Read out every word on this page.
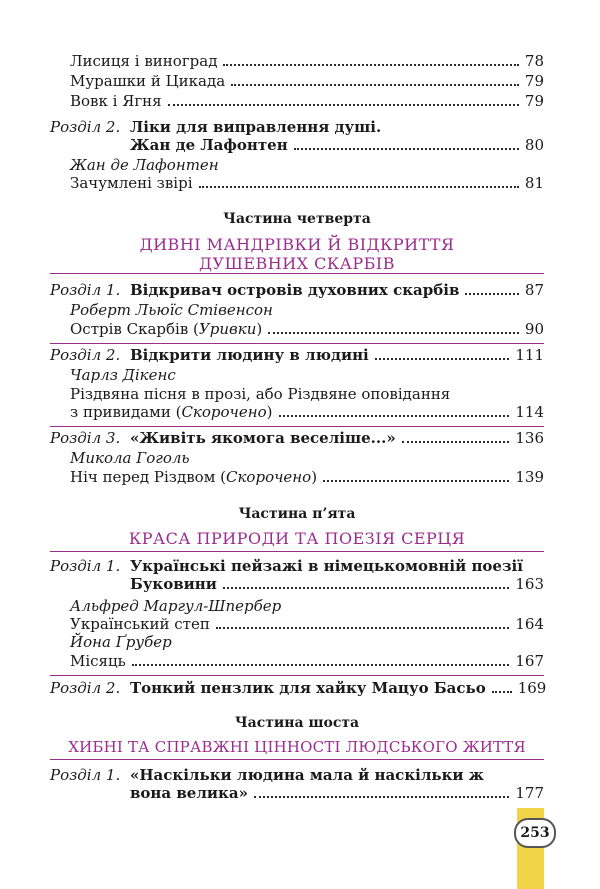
Лисиця і виноград	78
Мурашки й Цикада	79
Вовк і Ягня	79
Розділ 2. Ліки для виправлення душі.
Жан де Лафонтен	80
Жан де Лафонтен
Зачумлені звірі	81
Частина четверта
ДИВНІ МАНДРІВКИ Й ВІДКРИТТЯ
ДУШЕВНИХ СКАРБІВ
Розділ 1. Відкривач островів духовних скарбів	87
Роберт Льюїс Стівенсон
Острів Скарбів (Уривки)	90
Розділ 2. Відкрити людину в людині	111
Чарлз Дікенс
Різдвяна пісня в прозі, або Різдвяне оповідання
з привидами (Скорочено)	114
Розділ 3. «Живіть якомога веселіше...»	136
Микола Гоголь
Ніч перед Різдвом (Скорочено)	139
Частина п’ята
КРАСА ПРИРОДИ ТА ПОЕЗІЯ СЕРЦЯ
Розділ 1. Українські пейзажі в німецькомовній поезії
Буковини	163
Альфред Маргул-Шпербер
Український степ	164
Йона Ґрубер
Місяць	167
Розділ 2. Тонкий пензлик для хайку Мацуо Басьо 169
Частина шоста
ХИБНІ ТА СПРАВЖНІ ЦІННОСТІ ЛЮДСЬКОГО ЖИТТЯ
Розділ 1. «Наскільки людина мала й наскільки ж
вона велика»	177
253
